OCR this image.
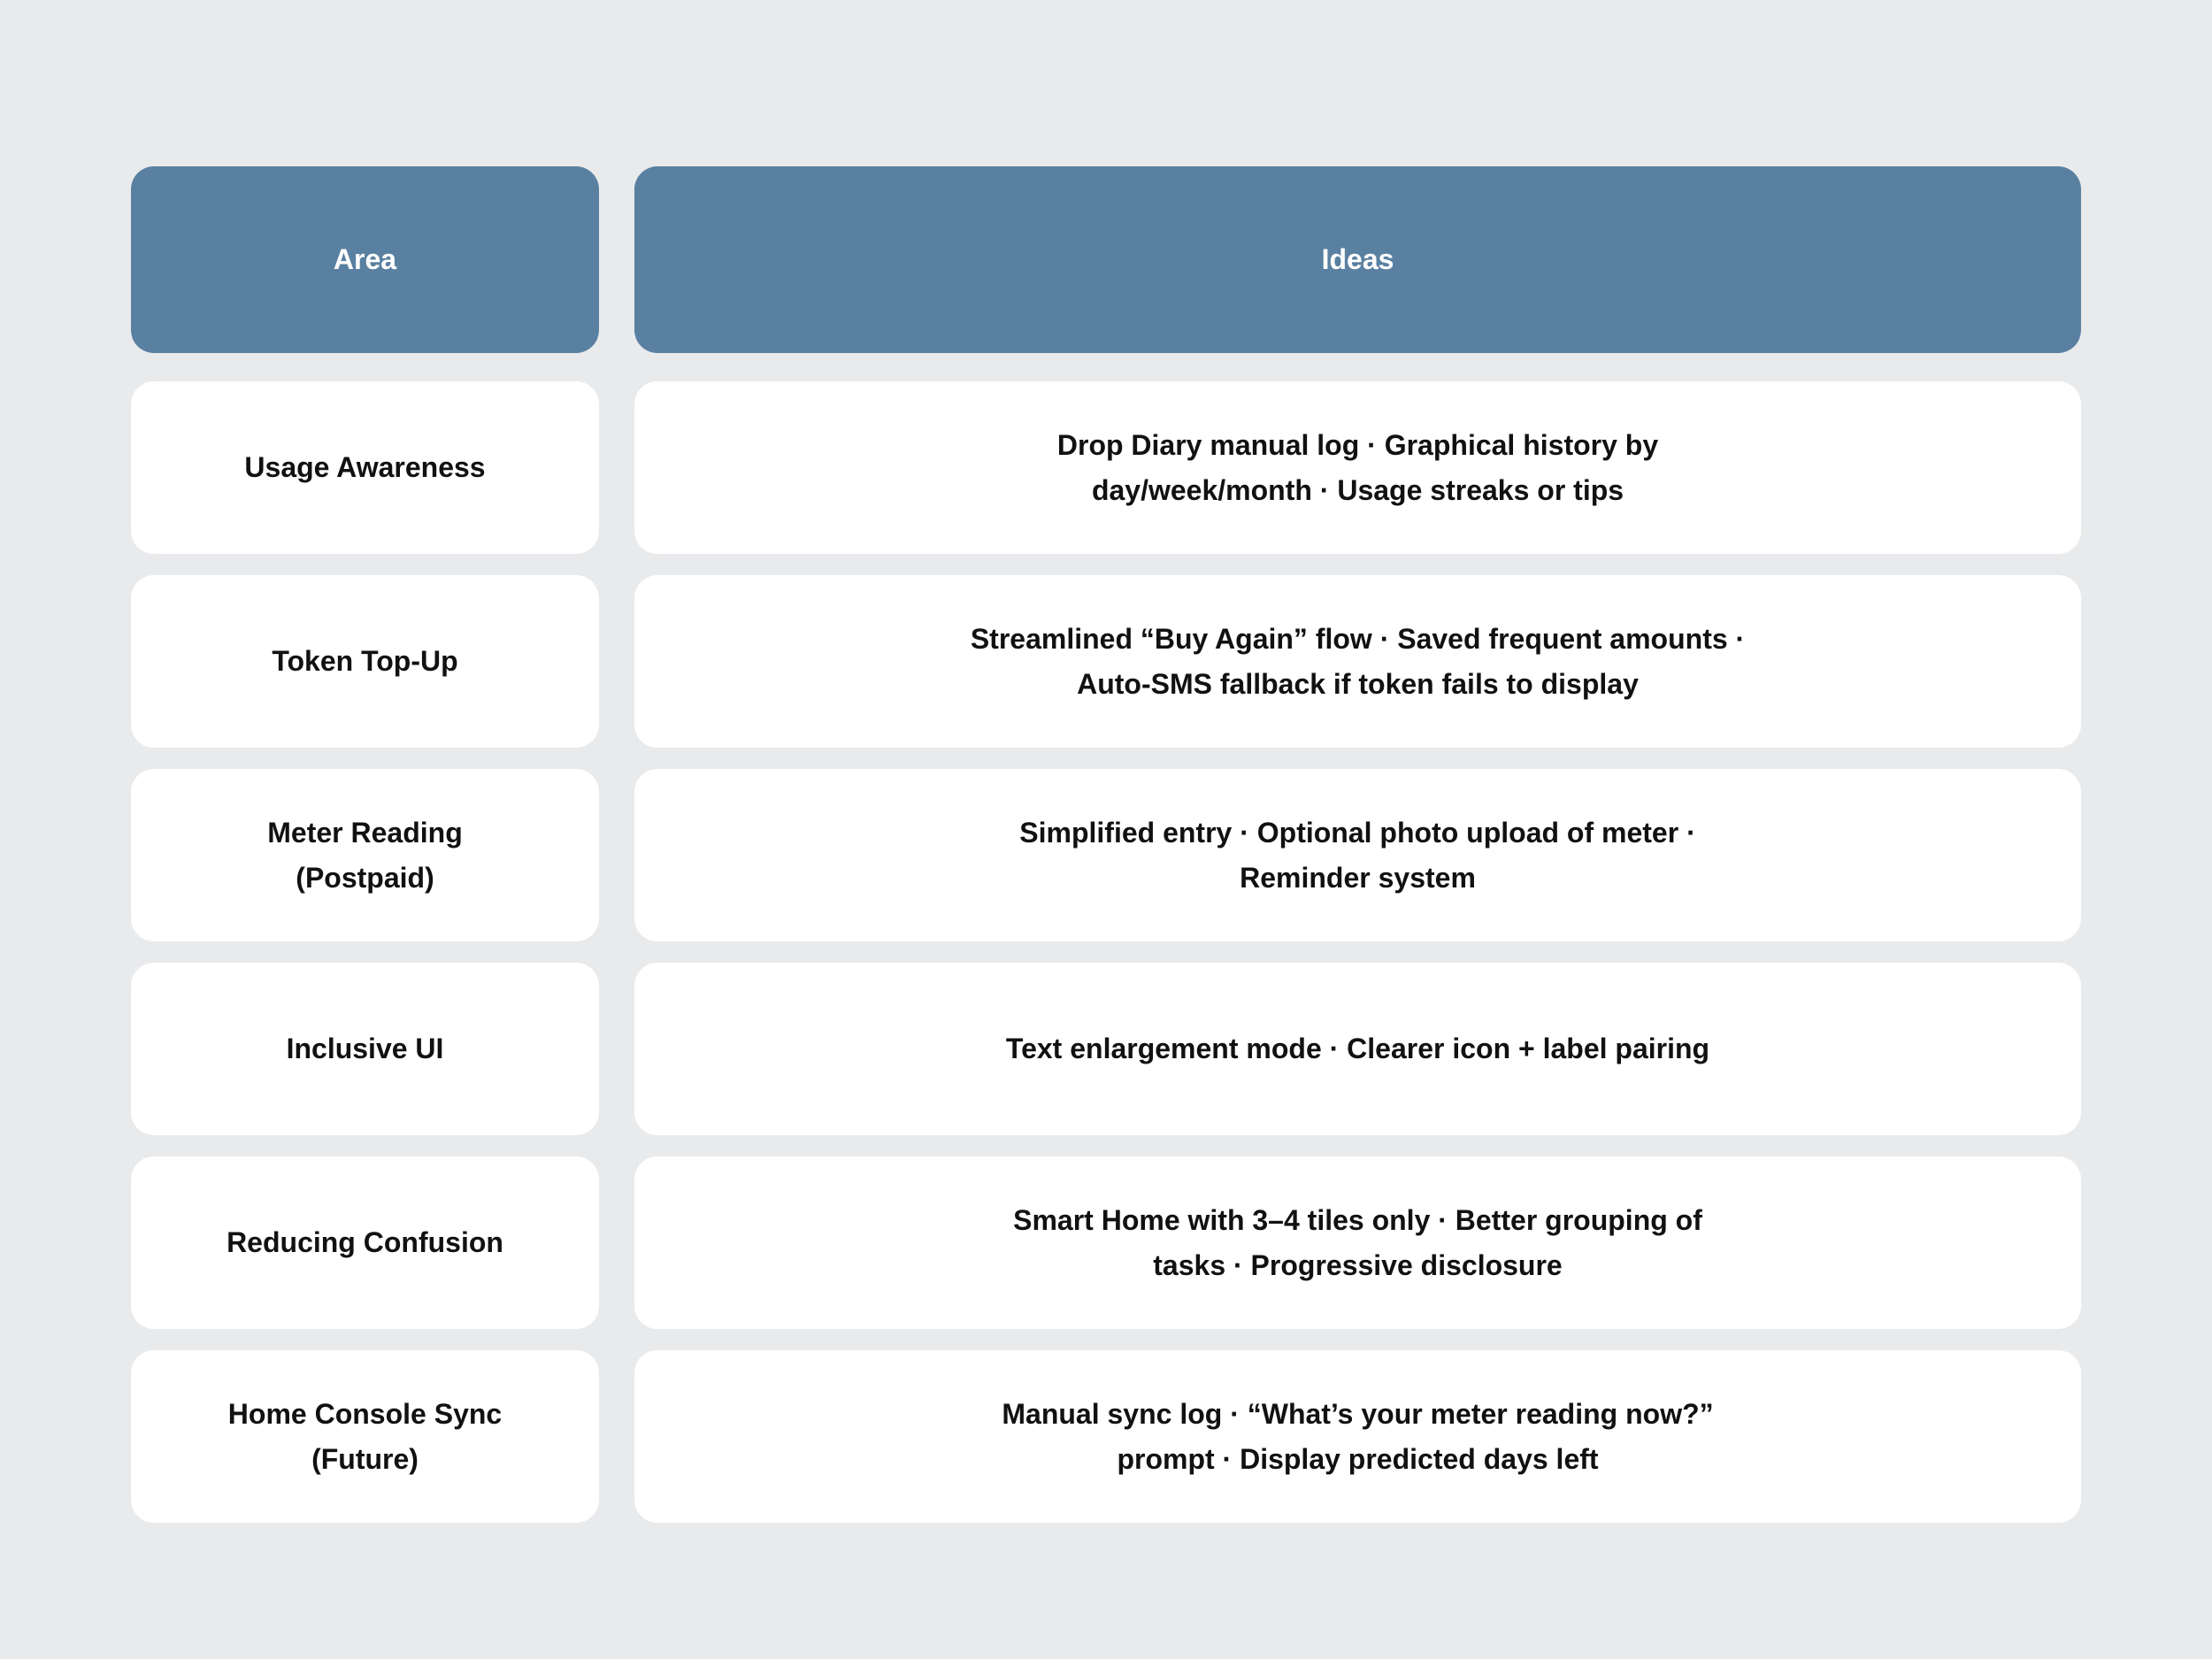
Area	Ideas
Usage Awareness
Drop Diary manual log · Graphical history by day/week/month · Usage streaks or tips
Token Top-Up
Streamlined “Buy Again” flow · Saved frequent amounts · Auto-SMS fallback if token fails to display
Meter Reading (Postpaid)
Simplified entry · Optional photo upload of meter · Reminder system
Inclusive UI	Text enlargement mode · Clearer icon + label pairing
Reducing Confusion
Smart Home with 3–4 tiles only · Better grouping of tasks · Progressive disclosure
Home Console Sync (Future)
Manual sync log · “What’s your meter reading now?” prompt · Display predicted days left
